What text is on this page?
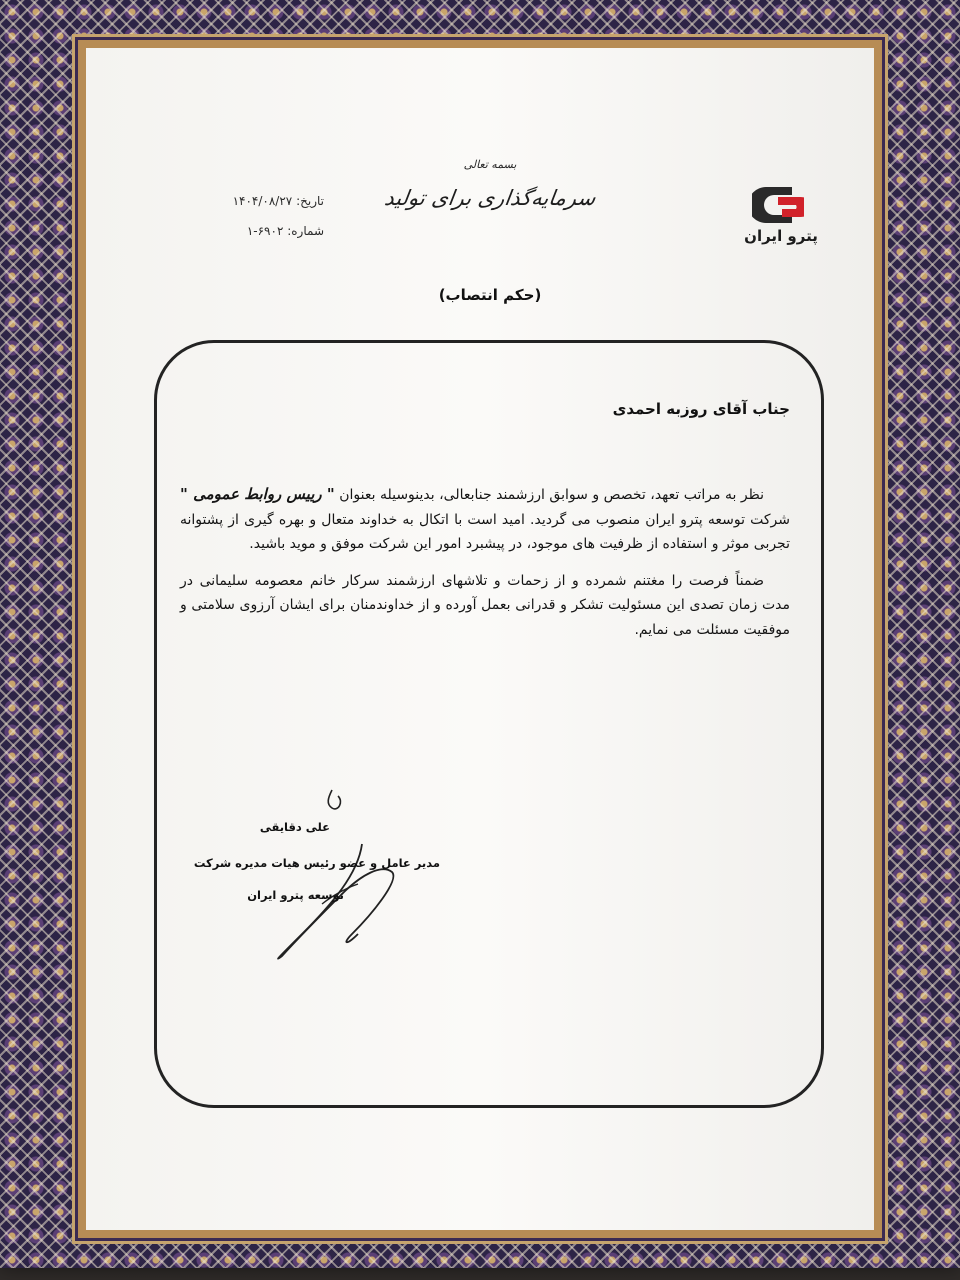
پترو ایران
بسمه تعالی
سرمایه‌گذاری برای تولید
تاریخ: ۱۴۰۴/۰۸/۲۷
شماره: ۶۹۰۲-۱
(حکم انتصاب)
جناب آقای روزبه احمدی

نظر به مراتب تعهد، تخصص و سوابق ارزشمند جنابعالی، بدینوسیله بعنوان " رییس روابط عمومی " شرکت توسعه پترو ایران منصوب می گردید. امید است با اتکال به خداوند متعال و بهره گیری از پشتوانه تجربی موثر و استفاده از ظرفیت های موجود، در پیشبرد امور این شرکت موفق و موید باشید.

ضمناً فرصت را مغتنم شمرده و از زحمات و تلاشهای ارزشمند سرکار خانم معصومه سلیمانی در مدت زمان تصدی این مسئولیت تشکر و قدرانی بعمل آورده و از خداوندمنان برای ایشان آرزوی سلامتی و موفقیت مسئلت می نمایم.

علی دقایقی
مدیر عامل و عضو رئیس هیات مدیره شرکت
توسعه پترو ایران
